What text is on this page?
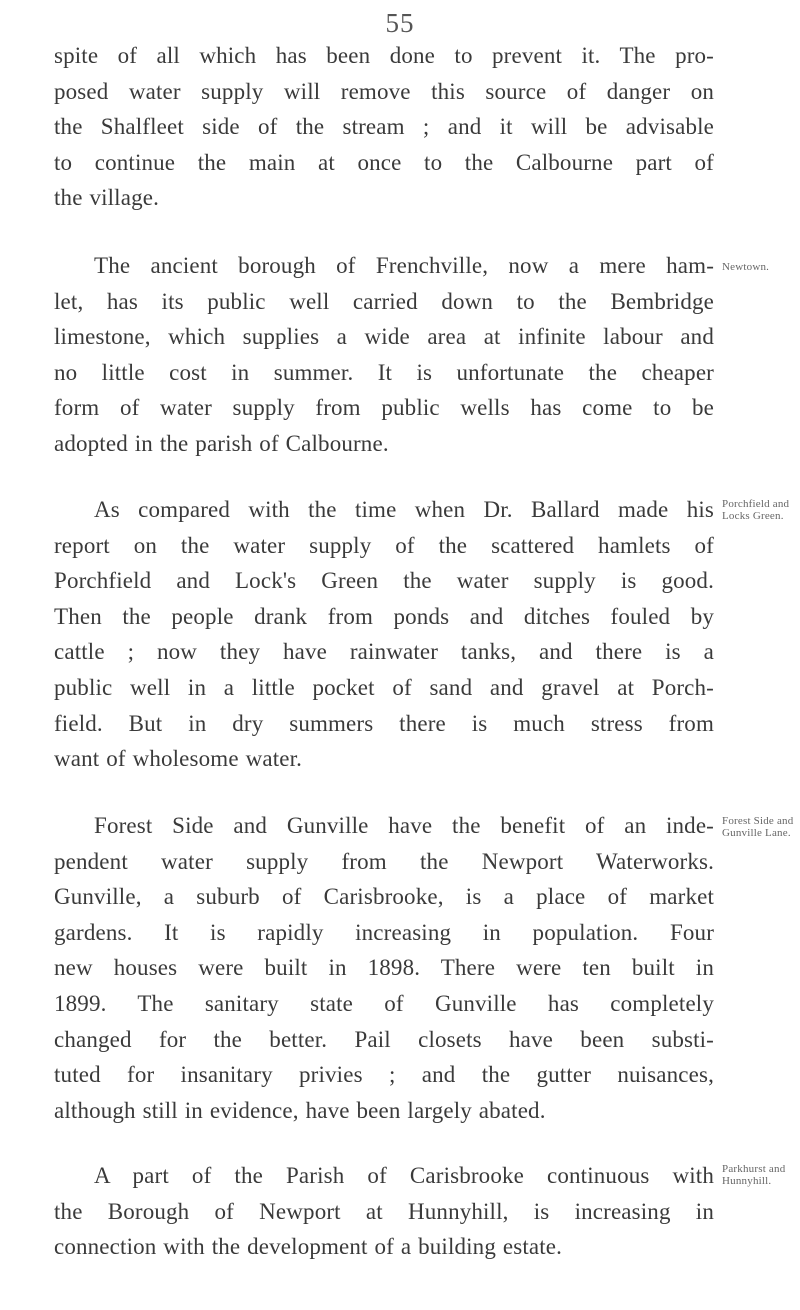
55
spite of all which has been done to prevent it. The pro-
posed water supply will remove this source of danger on
the Shalfleet side of the stream ; and it will be advisable
to continue the main at once to the Calbourne part of
the village.
The ancient borough of Frenchville, now a mere ham-
let, has its public well carried down to the Bembridge
limestone, which supplies a wide area at infinite labour and
no little cost in summer. It is unfortunate the cheaper
form of water supply from public wells has come to be
adopted in the parish of Calbourne.
As compared with the time when Dr. Ballard made his
report on the water supply of the scattered hamlets of
Porchfield and Lock's Green the water supply is good.
Then the people drank from ponds and ditches fouled by
cattle ; now they have rainwater tanks, and there is a
public well in a little pocket of sand and gravel at Porch-
field. But in dry summers there is much stress from
want of wholesome water.
Forest Side and Gunville have the benefit of an inde-
pendent water supply from the Newport Waterworks.
Gunville, a suburb of Carisbrooke, is a place of market
gardens. It is rapidly increasing in population. Four
new houses were built in 1898. There were ten built in
1899. The sanitary state of Gunville has completely
changed for the better. Pail closets have been substi-
tuted for insanitary privies ; and the gutter nuisances,
although still in evidence, have been largely abated.
A part of the Parish of Carisbrooke continuous with
the Borough of Newport at Hunnyhill, is increasing in
connection with the development of a building estate.
Newtown.
Porchfield and
Locks Green.
Forest Side and
Gunville Lane.
Parkhurst and
Hunnyhill.
